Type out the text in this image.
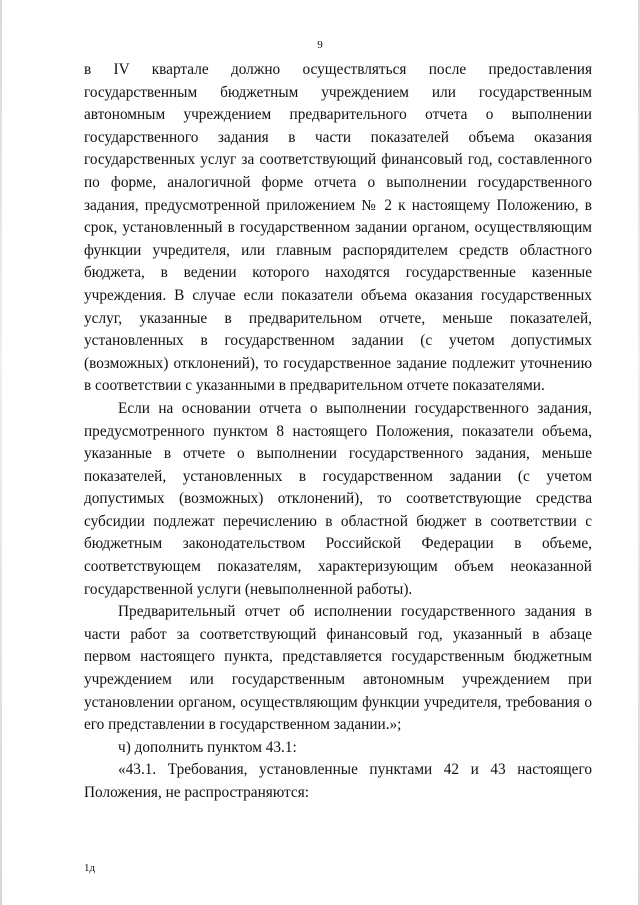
9

в IV квартале должно осуществляться после предоставления государственным бюджетным учреждением или государственным автономным учреждением предварительного отчета о выполнении государственного задания в части показателей объема оказания государственных услуг за соответствующий финансовый год, составленного по форме, аналогичной форме отчета о выполнении государственного задания, предусмотренной приложением № 2 к настоящему Положению, в срок, установленный в государственном задании органом, осуществляющим функции учредителя, или главным распорядителем средств областного бюджета, в ведении которого находятся государственные казенные учреждения. В случае если показатели объема оказания государственных услуг, указанные в предварительном отчете, меньше показателей, установленных в государственном задании (с учетом допустимых (возможных) отклонений), то государственное задание подлежит уточнению в соответствии с указанными в предварительном отчете показателями.

Если на основании отчета о выполнении государственного задания, предусмотренного пунктом 8 настоящего Положения, показатели объема, указанные в отчете о выполнении государственного задания, меньше показателей, установленных в государственном задании (с учетом допустимых (возможных) отклонений), то соответствующие средства субсидии подлежат перечислению в областной бюджет в соответствии с бюджетным законодательством Российской Федерации в объеме, соответствующем показателям, характеризующим объем неоказанной государственной услуги (невыполненной работы).

Предварительный отчет об исполнении государственного задания в части работ за соответствующий финансовый год, указанный в абзаце первом настоящего пункта, представляется государственным бюджетным учреждением или государственным автономным учреждением при установлении органом, осуществляющим функции учредителя, требования о его представлении в государственном задании.»;

ч) дополнить пунктом 43.1:

«43.1. Требования, установленные пунктами 42 и 43 настоящего Положения, не распространяются:

1д
